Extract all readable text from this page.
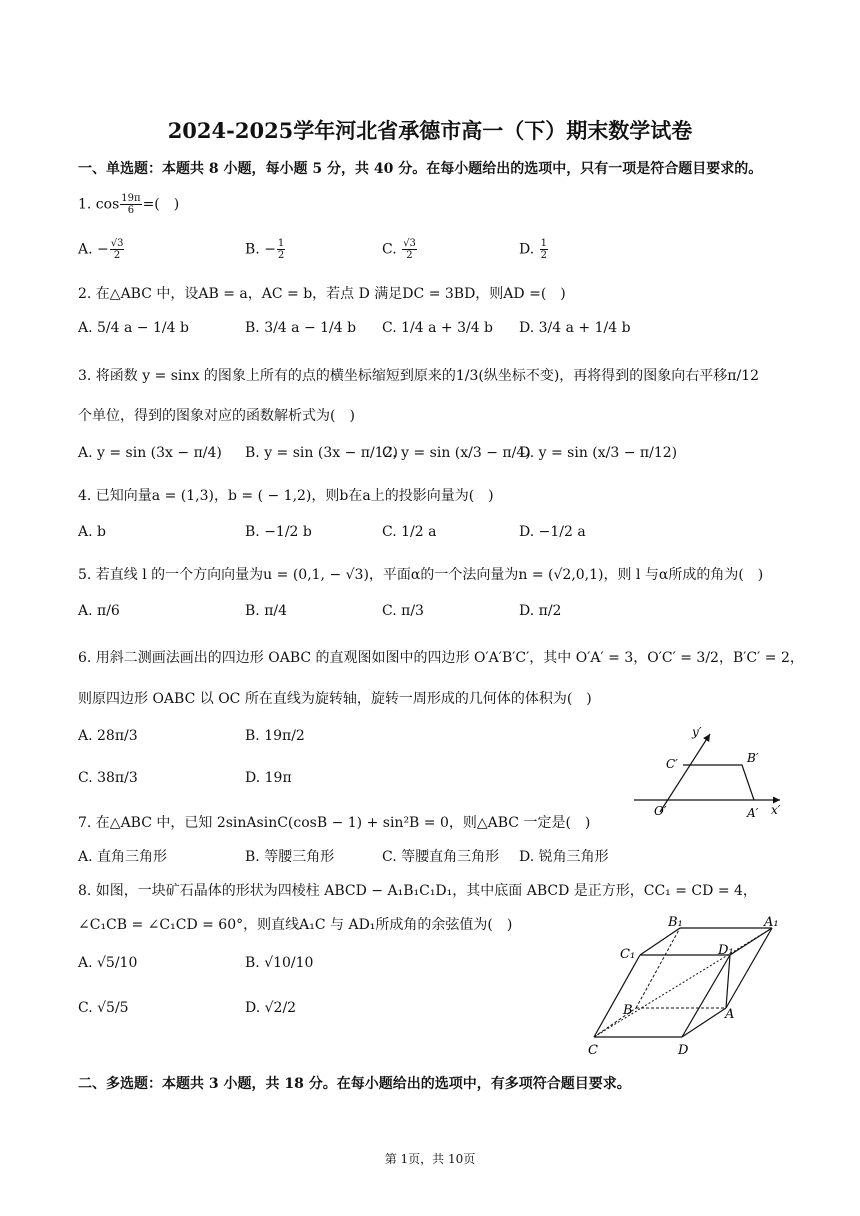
2024-2025学年河北省承德市高一（下）期末数学试卷
一、单选题：本题共 8 小题，每小题 5 分，共 40 分。在每小题给出的选项中，只有一项是符合题目要求的。
1. $\cos \frac{19\pi}{6}$ =(　)
A. − $\frac{√3}{2}$	B. − $\frac{1}{2}$	C. $\frac{√3}{2}$	D. $\frac{1}{2}$
2. 在△ABC 中，设AB = a，AC = b，若点 D 满足DC = 3BD，则AD =(　)
A. 5/4 a − 1/4 b	B. 3/4 a − 1/4 b C. 1/4 a + 3/4 b D. 3/4 a + 1/4 b
3. 将函数 y = sinx 的图象上所有的点的横坐标缩短到原来的1/3(纵坐标不变)，再将得到的图象向右平移π/12
个单位，得到的图象对应的函数解析式为(　)
A. y = sin (3x − π/4) B. y = sin (3x − π/12)
C. y = sin (x/3 − π/4)
D. y = sin (x/3 − π/12)
4. 已知向量a = (1,3)，b = ( − 1,2)，则b在a上的投影向量为(　)
A. b	B. −1/2 b	C. 1/2 a	D. −1/2 a
5. 若直线 l 的一个方向向量为u = (0,1, − √3)，平面α的一个法向量为n = (√2,0,1)，则 l 与α所成的角为(　)
A. π/6	B. π/4	C. π/3	D. π/2
6. 用斜二测画法画出的四边形 OABC 的直观图如图中的四边形 O′A′B′C′，其中 O′A′ = 3，O′C′ = 3/2，B′C′ = 2，
则原四边形 OABC 以 OC 所在直线为旋转轴，旋转一周形成的几何体的体积为(　)
A. 28π/3	B. 19π/2
C. 38π/3	D. 19π
y′
C′	B′
O′	A′ x′
7. 在△ABC 中，已知 2sinAsinC(cosB − 1) + sin²B = 0，则△ABC 一定是(　)
A. 直角三角形	B. 等腰三角形	C. 等腰直角三角形 D. 锐角三角形
8. 如图，一块矿石晶体的形状为四棱柱 ABCD − A₁B₁C₁D₁，其中底面 ABCD 是正方形，CC₁ = CD = 4，
∠C₁CB = ∠C₁CD = 60°，则直线A₁C 与 AD₁所成角的余弦值为(　)
A. √5/10	B. √10/10
C. √5/5	D. √2/2
B₁	A₁
C₁	D₁
B	A
C	D
二、多选题：本题共 3 小题，共 18 分。在每小题给出的选项中，有多项符合题目要求。
第 1页，共 10页
